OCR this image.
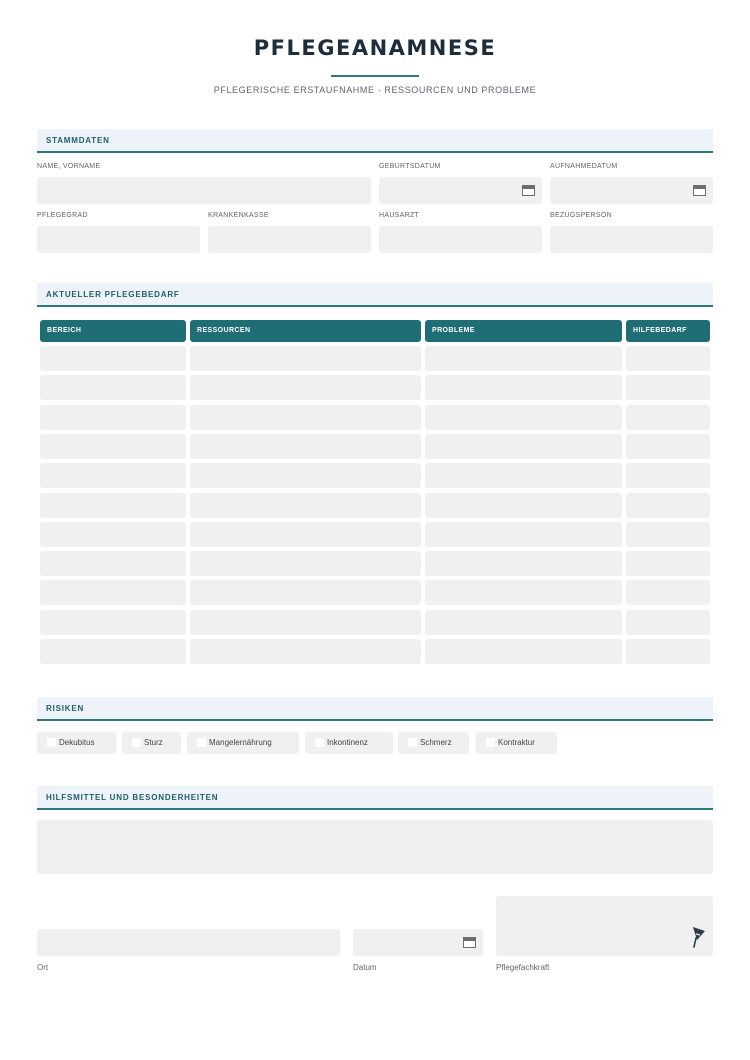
PFLEGEANAMNESE
PFLEGERISCHE ERSTAUFNAHME · RESSOURCEN UND PROBLEME
STAMMDATEN
NAME, VORNAME	GEBURTSDATUM	AUFNAHMEDATUM
PFLEGEGRAD	KRANKENKASSE	HAUSARZT	BEZUGSPERSON
AKTUELLER PFLEGEBEDARF
BEREICH	RESSOURCEN	PROBLEME	HILFEBEDARF
RISIKEN
Dekubitus	Sturz	Mangelernährung	Inkontinenz	Schmerz	Kontraktur
HILFSMITTEL UND BESONDERHEITEN
Ort	Datum	Pflegefachkraft
